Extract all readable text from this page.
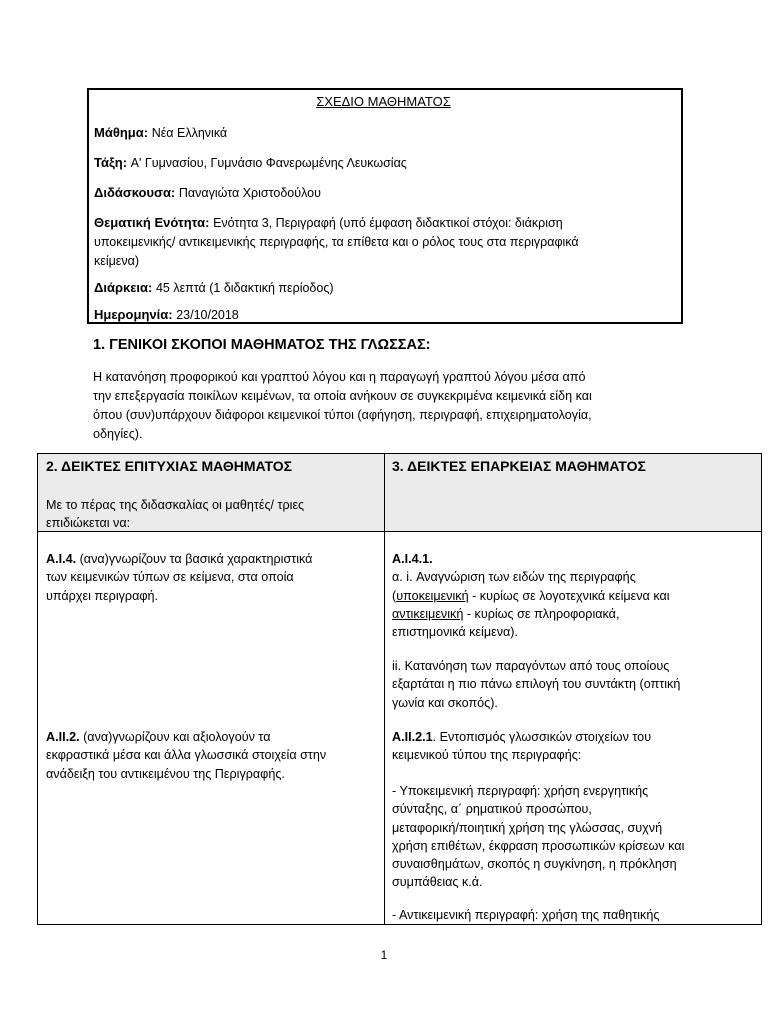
ΣΧΕΔΙΟ ΜΑΘΗΜΑΤΟΣ
Μάθημα: Νέα Ελληνικά
Τάξη: Α' Γυμνασίου, Γυμνάσιο Φανερωμένης Λευκωσίας
Διδάσκουσα: Παναγιώτα Χριστοδούλου
Θεματική Ενότητα: Ενότητα 3, Περιγραφή (υπό έμφαση διδακτικοί στόχοι: διάκριση
υποκειμενικής/ αντικειμενικής περιγραφής, τα επίθετα και ο ρόλος τους στα περιγραφικά
κείμενα)
Διάρκεια: 45 λεπτά (1 διδακτική περίοδος)
Ημερομηνία: 23/10/2018
1. ΓΕΝΙΚΟΙ ΣΚΟΠΟΙ ΜΑΘΗΜΑΤΟΣ ΤΗΣ ΓΛΩΣΣΑΣ:
Η κατανόηση προφορικού και γραπτού λόγου και η παραγωγή γραπτού λόγου μέσα από
την επεξεργασία ποικίλων κειμένων, τα οποία ανήκουν σε συγκεκριμένα κειμενικά είδη και
όπου (συν)υπάρχουν διάφοροι κειμενικοί τύποι (αφήγηση, περιγραφή, επιχειρηματολογία,
οδηγίες).
2. ΔΕΙΚΤΕΣ ΕΠΙΤΥΧΙΑΣ ΜΑΘΗΜΑΤΟΣ
Με το πέρας της διδασκαλίας οι μαθητές/ τριες
επιδιώκεται να:
3. ΔΕΙΚΤΕΣ ΕΠΑΡΚΕΙΑΣ ΜΑΘΗΜΑΤΟΣ
Α.Ι.4. (ανα)γνωρίζουν τα βασικά χαρακτηριστικά
των κειμενικών τύπων σε κείμενα, στα οποία
υπάρχει περιγραφή.
Α.ΙΙ.2. (ανα)γνωρίζουν και αξιολογούν τα
εκφραστικά μέσα και άλλα γλωσσικά στοιχεία στην
ανάδειξη του αντικειμένου της Περιγραφής.
Α.Ι.4.1.
α. i. Αναγνώριση των ειδών της περιγραφής
(υποκειμενική - κυρίως σε λογοτεχνικά κείμενα και
αντικειμενική - κυρίως σε πληροφοριακά,
επιστημονικά κείμενα).
ii. Κατανόηση των παραγόντων από τους οποίους
εξαρτάται η πιο πάνω επιλογή του συντάκτη (οπτική
γωνία και σκοπός).
Α.ΙΙ.2.1. Εντοπισμός γλωσσικών στοιχείων του
κειμενικού τύπου της περιγραφής:
- Υποκειμενική περιγραφή: χρήση ενεργητικής
σύνταξης, α΄ ρηματικού προσώπου,
μεταφορική/ποιητική χρήση της γλώσσας, συχνή
χρήση επιθέτων, έκφραση προσωπικών κρίσεων και
συναισθημάτων, σκοπός η συγκίνηση, η πρόκληση
συμπάθειας κ.ά.
- Αντικειμενική περιγραφή: χρήση της παθητικής
1
